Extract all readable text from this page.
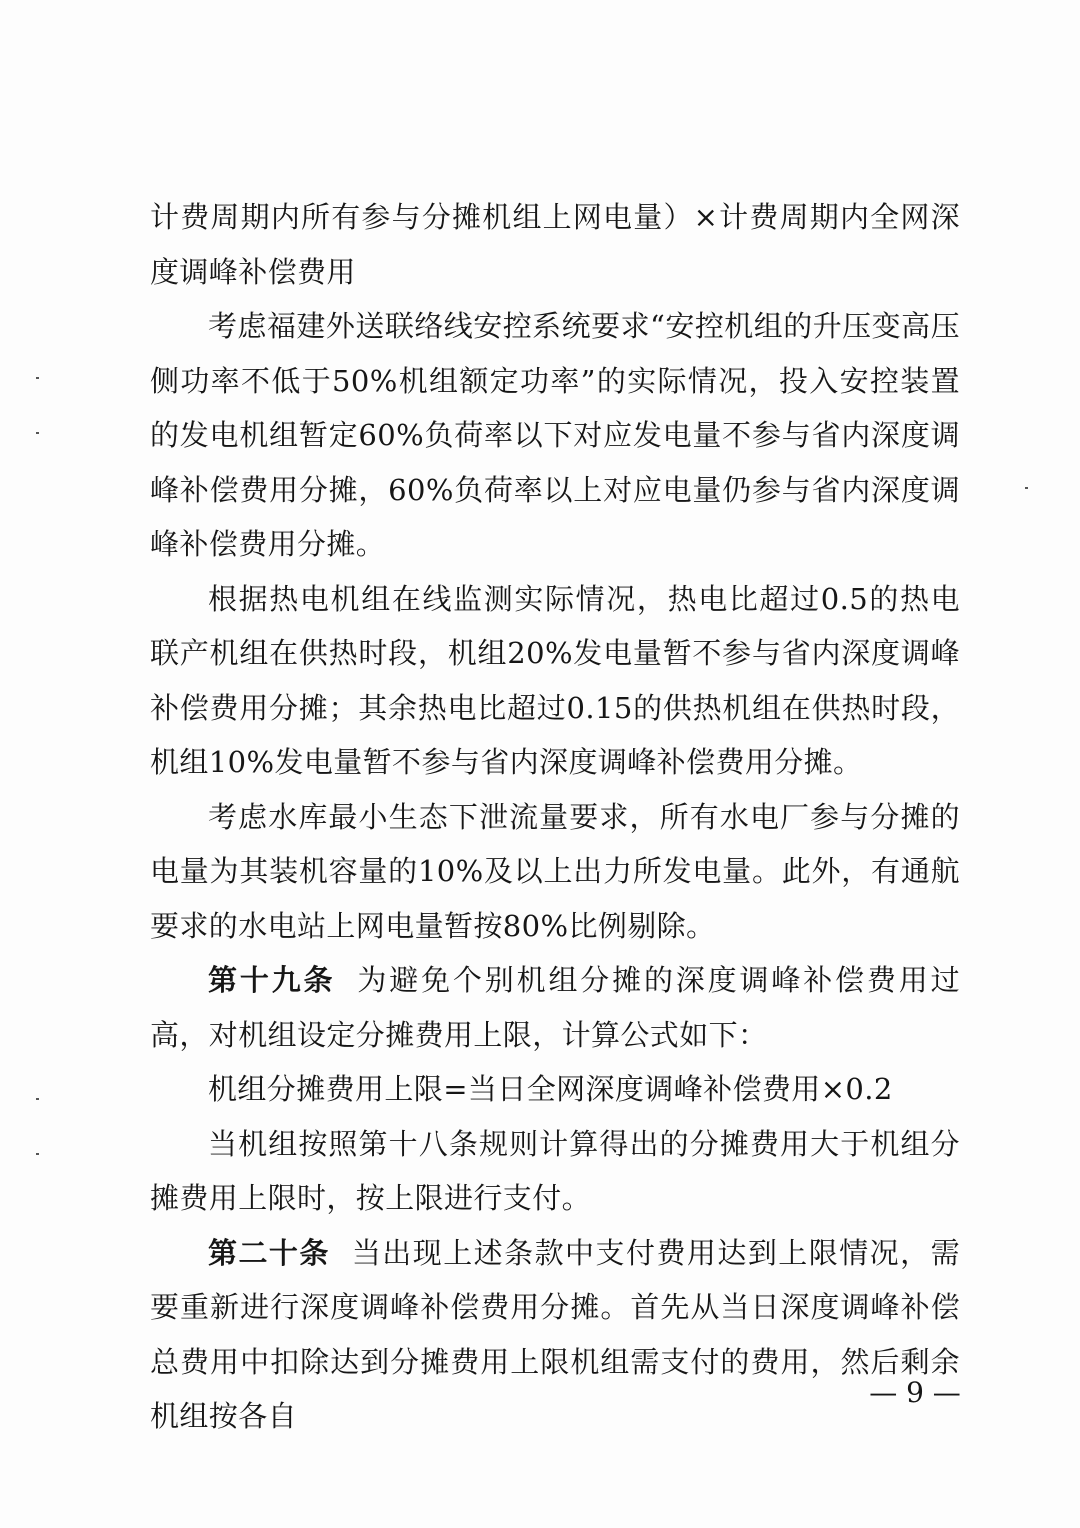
计费周期内所有参与分摊机组上网电量）×计费周期内全网深度调峰补偿费用

考虑福建外送联络线安控系统要求“安控机组的升压变高压侧功率不低于50%机组额定功率”的实际情况，投入安控装置的发电机组暂定60%负荷率以下对应发电量不参与省内深度调峰补偿费用分摊，60%负荷率以上对应电量仍参与省内深度调峰补偿费用分摊。

根据热电机组在线监测实际情况，热电比超过0.5的热电联产机组在供热时段，机组20%发电量暂不参与省内深度调峰补偿费用分摊；其余热电比超过0.15的供热机组在供热时段，机组10%发电量暂不参与省内深度调峰补偿费用分摊。

考虑水库最小生态下泄流量要求，所有水电厂参与分摊的电量为其装机容量的10%及以上出力所发电量。此外，有通航要求的水电站上网电量暂按80%比例剔除。

第十九条 为避免个别机组分摊的深度调峰补偿费用过高，对机组设定分摊费用上限，计算公式如下：

机组分摊费用上限=当日全网深度调峰补偿费用×0.2

当机组按照第十八条规则计算得出的分摊费用大于机组分摊费用上限时，按上限进行支付。

第二十条 当出现上述条款中支付费用达到上限情况，需要重新进行深度调峰补偿费用分摊。首先从当日深度调峰补偿总费用中扣除达到分摊费用上限机组需支付的费用，然后剩余机组按各自

— 9 —
